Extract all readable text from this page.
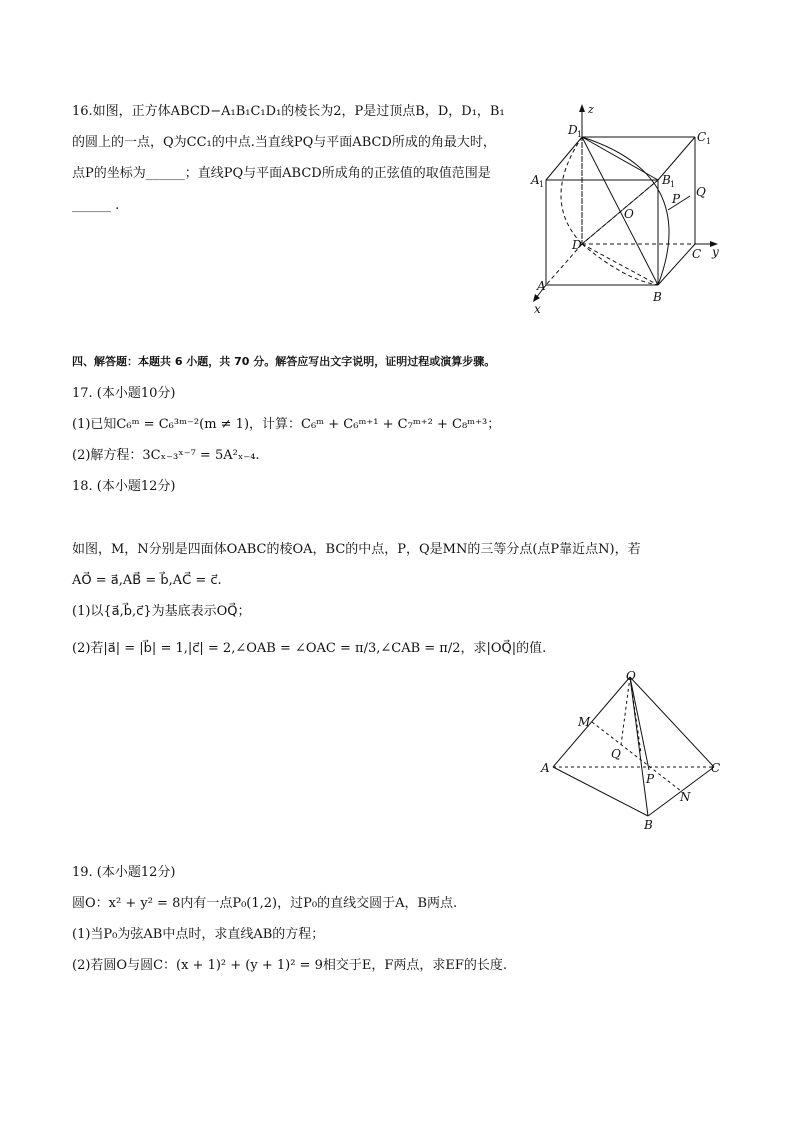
16.如图，正方体ABCD−A₁B₁C₁D₁的棱长为2，P是过顶点B，D，D₁，B₁
的圆上的一点，Q为CC₁的中点.当直线PQ与平面ABCD所成的角最大时，
点P的坐标为______；直线PQ与平面ABCD所成角的正弦值的取值范围是
______ .
z
y
x
D 1	C 1
A 1	B 1
O
P Q
D
C
A
B
四、解答题：本题共 6 小题，共 70 分。解答应写出文字说明，证明过程或演算步骤。
17. (本小题10分)
(1)已知C₆ᵐ = C₆³ᵐ⁻²(m ≠ 1)，计算：C₆ᵐ + C₆ᵐ⁺¹ + C₇ᵐ⁺² + C₈ᵐ⁺³；
(2)解方程：3Cₓ₋₃ˣ⁻⁷ = 5A²ₓ₋₄.
18. (本小题12分)
如图，M，N分别是四面体OABC的棱OA，BC的中点，P，Q是MN的三等分点(点P靠近点N)，若
AO⃗ = a⃗,AB⃗ = b⃗,AC⃗ = c⃗.
(1)以{a⃗,b⃗,c⃗}为基底表示OQ⃗；
(2)若|a⃗| = |b⃗| = 1,|c⃗| = 2,∠OAB = ∠OAC = π/3,∠CAB = π/2，求|OQ⃗|的值.
O
M
Q
A
P
C
N
B
19. (本小题12分)
圆O：x² + y² = 8内有一点P₀(1,2)，过P₀的直线交圆于A，B两点.
(1)当P₀为弦AB中点时，求直线AB的方程；
(2)若圆O与圆C：(x + 1)² + (y + 1)² = 9相交于E，F两点，求EF的长度.
